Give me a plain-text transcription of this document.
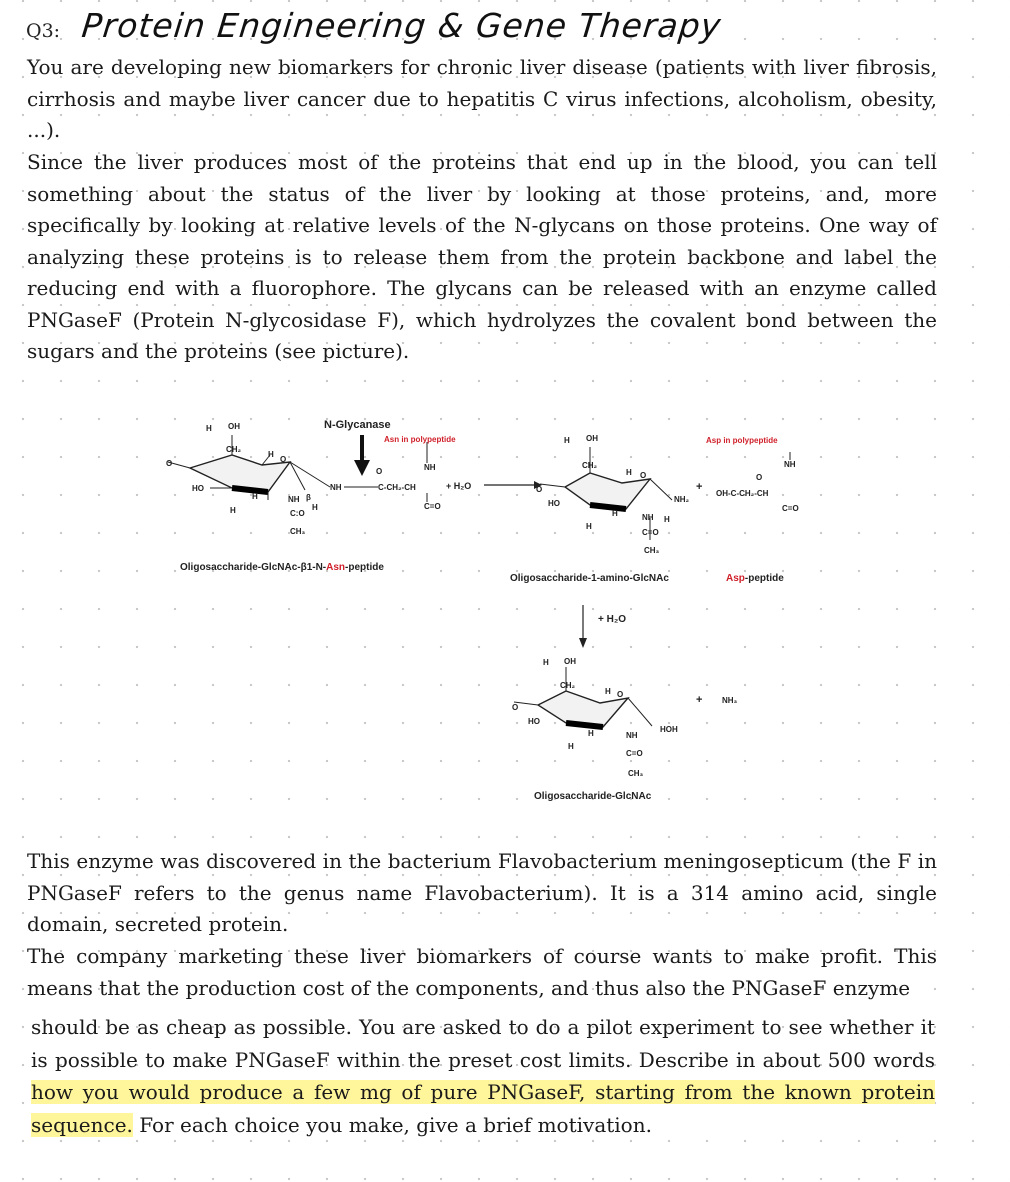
Q3: Protein Engineering & Gene Therapy
You are developing new biomarkers for chronic liver disease (patients with liver fibrosis, cirrhosis and maybe liver cancer due to hepatitis C virus infections, alcoholism, obesity, ...).
Since the liver produces most of the proteins that end up in the blood, you can tell something about the status of the liver by looking at those proteins, and, more specifically by looking at relative levels of the N-glycans on those proteins. One way of analyzing these proteins is to release them from the protein backbone and label the reducing end with a fluorophore. The glycans can be released with an enzyme called PNGaseF (Protein N-glycosidase F), which hydrolyzes the covalent bond between the sugars and the proteins (see picture).
H OH
CH₂
H
O
O
HO
H
H
NH β
H
C:O
CH₃
NH
O
C-CH₂-CH
NH
C=O
N-Glycanase
Asn in polypeptide
+ H₂O
Oligosaccharide-GlcNAc-β1-N-Asn-peptide
H OH
CH₂
H O
O
HO
H
H
NH H
C=O
CH₃
NH₂
Oligosaccharide-1-amino-GlcNAc
+
OH-C-CH₂-CH
O
NH
C=O
Asp in polypeptide
Asp-peptide
+ H₂O
H OH
CH₂
H O
O
HO
H
H
NH
C=O
CH₃
HOH
+ NH₃
Oligosaccharide-GlcNAc
This enzyme was discovered in the bacterium Flavobacterium meningosepticum (the F in PNGaseF refers to the genus name Flavobacterium). It is a 314 amino acid, single domain, secreted protein.
The company marketing these liver biomarkers of course wants to make profit. This means that the production cost of the components, and thus also the PNGaseF enzyme
should be as cheap as possible. You are asked to do a pilot experiment to see whether it is possible to make PNGaseF within the preset cost limits. Describe in about 500 words how you would produce a few mg of pure PNGaseF, starting from the known protein sequence. For each choice you make, give a brief motivation.
